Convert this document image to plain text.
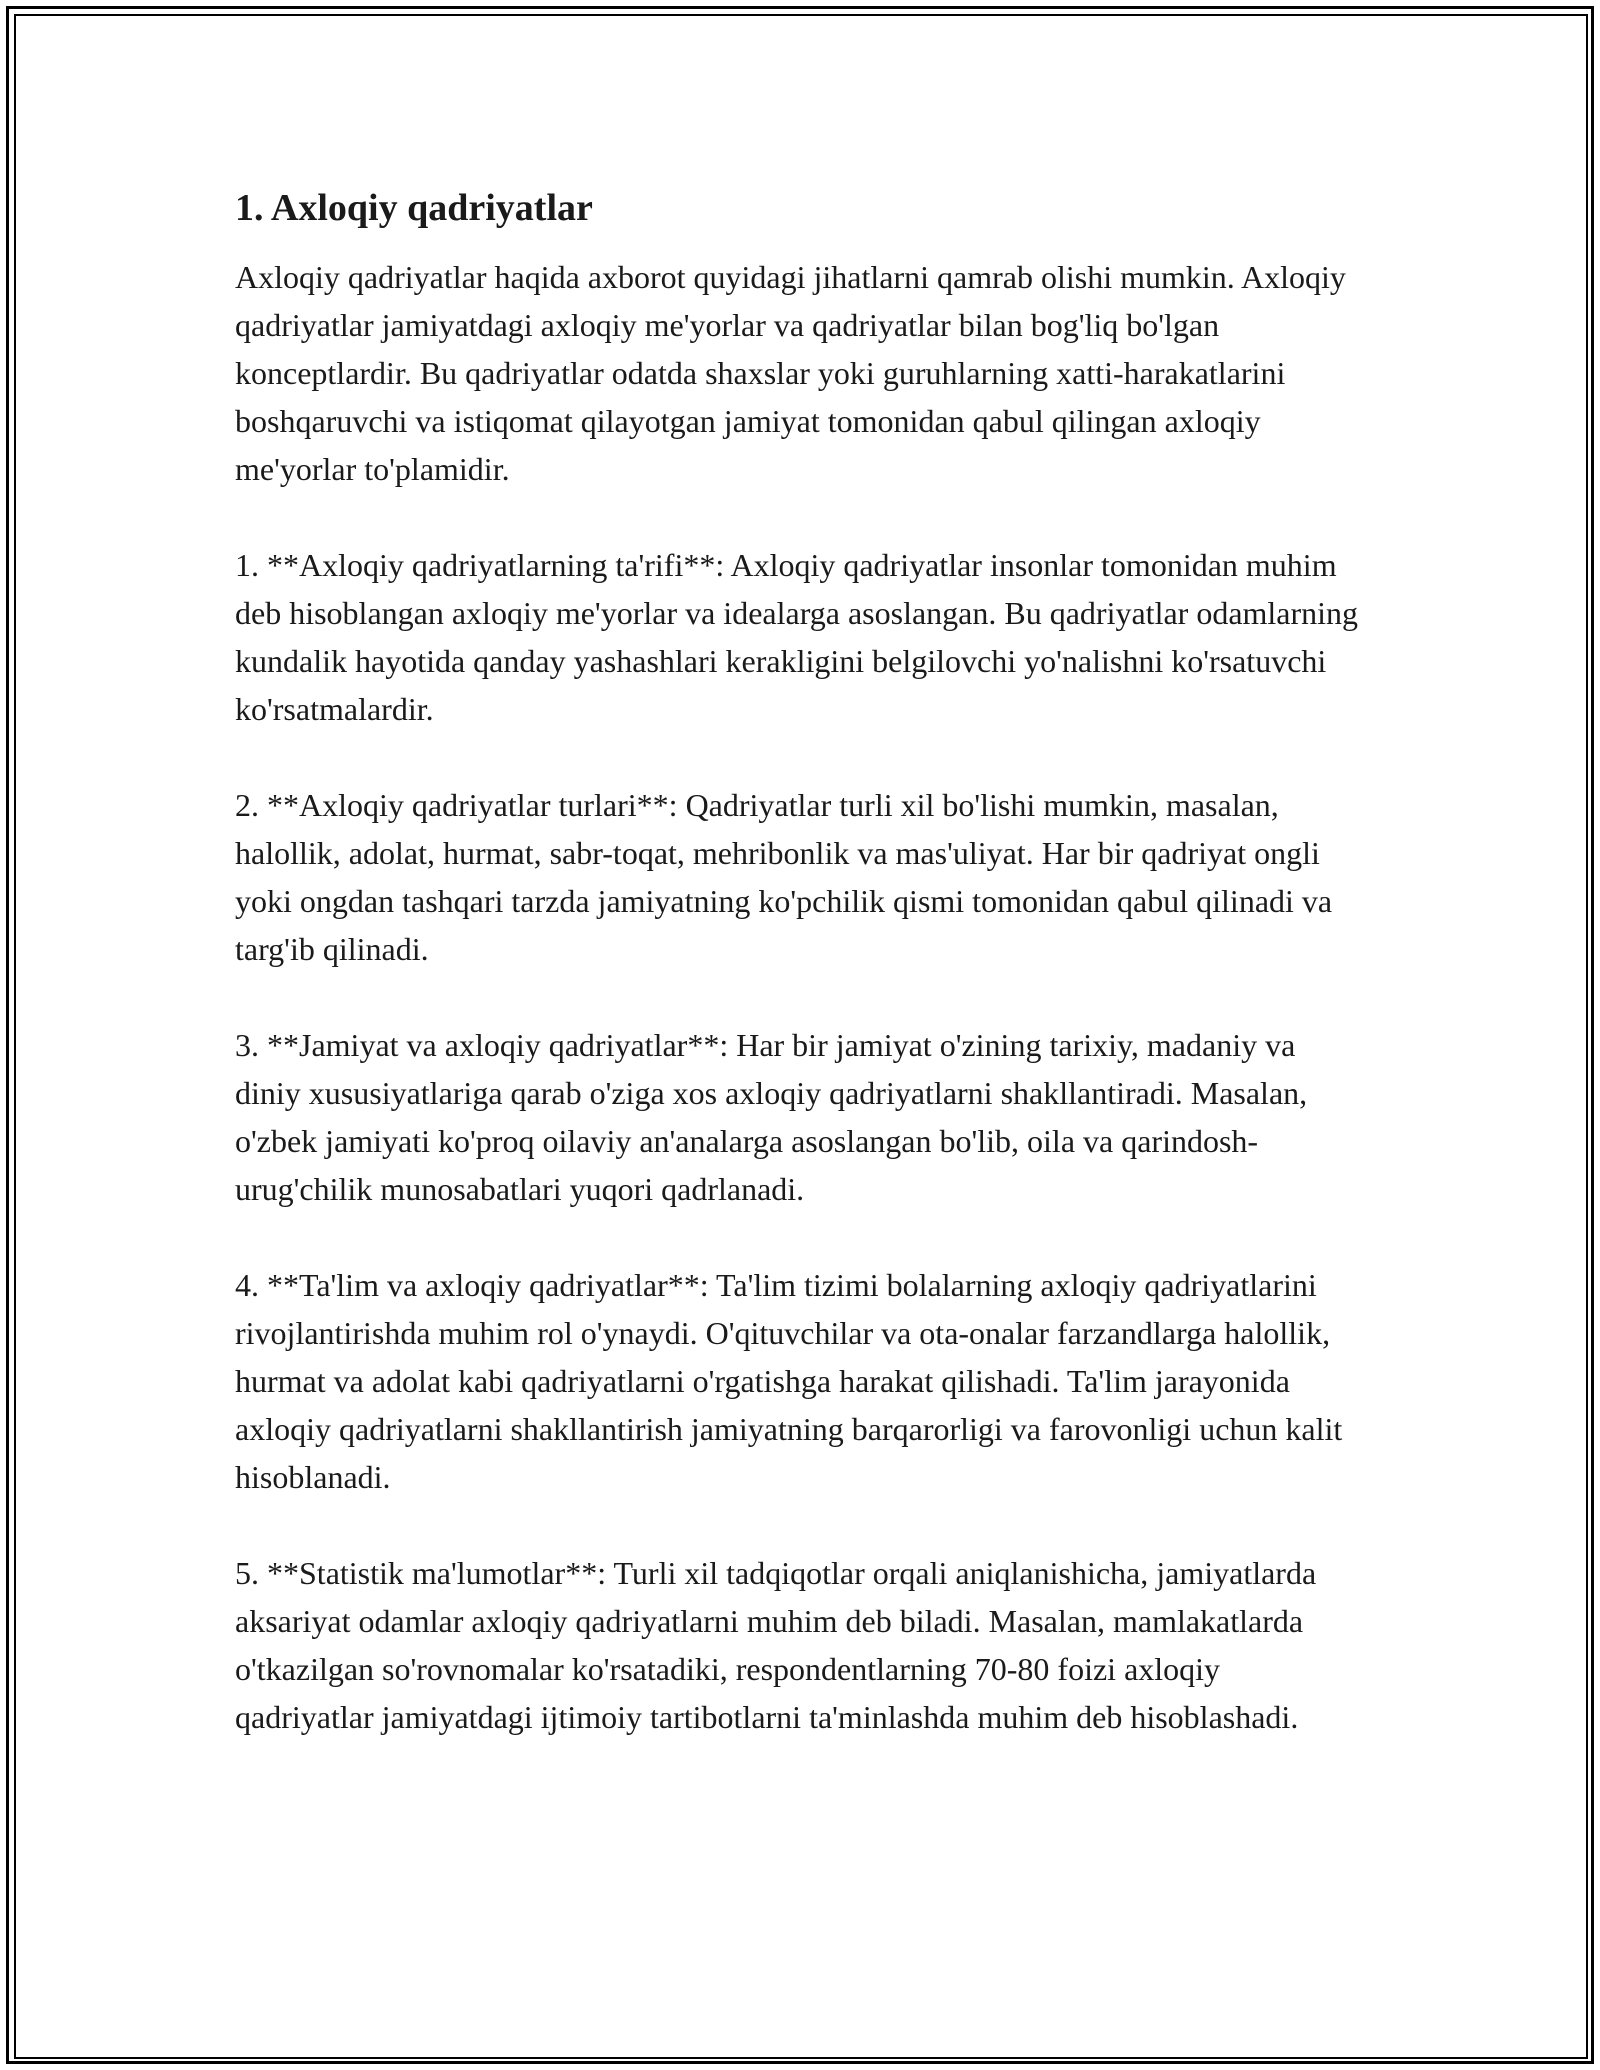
1. Axloqiy qadriyatlar

Axloqiy qadriyatlar haqida axborot quyidagi jihatlarni qamrab olishi mumkin. Axloqiy qadriyatlar jamiyatdagi axloqiy me'yorlar va qadriyatlar bilan bog'liq bo'lgan konceptlardir. Bu qadriyatlar odatda shaxslar yoki guruhlarning xatti-harakatlarini boshqaruvchi va istiqomat qilayotgan jamiyat tomonidan qabul qilingan axloqiy me'yorlar to'plamidir.

1. **Axloqiy qadriyatlarning ta'rifi**: Axloqiy qadriyatlar insonlar tomonidan muhim deb hisoblangan axloqiy me'yorlar va idealarga asoslangan. Bu qadriyatlar odamlarning kundalik hayotida qanday yashashlari kerakligini belgilovchi yo'nalishni ko'rsatuvchi ko'rsatmalardir.

2. **Axloqiy qadriyatlar turlari**: Qadriyatlar turli xil bo'lishi mumkin, masalan, halollik, adolat, hurmat, sabr-toqat, mehribonlik va mas'uliyat. Har bir qadriyat ongli yoki ongdan tashqari tarzda jamiyatning ko'pchilik qismi tomonidan qabul qilinadi va targ'ib qilinadi.

3. **Jamiyat va axloqiy qadriyatlar**: Har bir jamiyat o'zining tarixiy, madaniy va diniy xususiyatlariga qarab o'ziga xos axloqiy qadriyatlarni shakllantiradi. Masalan, o'zbek jamiyati ko'proq oilaviy an'analarga asoslangan bo'lib, oila va qarindosh-urug'chilik munosabatlari yuqori qadrlanadi.

4. **Ta'lim va axloqiy qadriyatlar**: Ta'lim tizimi bolalarning axloqiy qadriyatlarini rivojlantirishda muhim rol o'ynaydi. O'qituvchilar va ota-onalar farzandlarga halollik, hurmat va adolat kabi qadriyatlarni o'rgatishga harakat qilishadi. Ta'lim jarayonida axloqiy qadriyatlarni shakllantirish jamiyatning barqarorligi va farovonligi uchun kalit hisoblanadi.

5. **Statistik ma'lumotlar**: Turli xil tadqiqotlar orqali aniqlanishicha, jamiyatlarda aksariyat odamlar axloqiy qadriyatlarni muhim deb biladi. Masalan, mamlakatlarda o'tkazilgan so'rovnomalar ko'rsatadiki, respondentlarning 70-80 foizi axloqiy qadriyatlar jamiyatdagi ijtimoiy tartibotlarni ta'minlashda muhim deb hisoblashadi.
